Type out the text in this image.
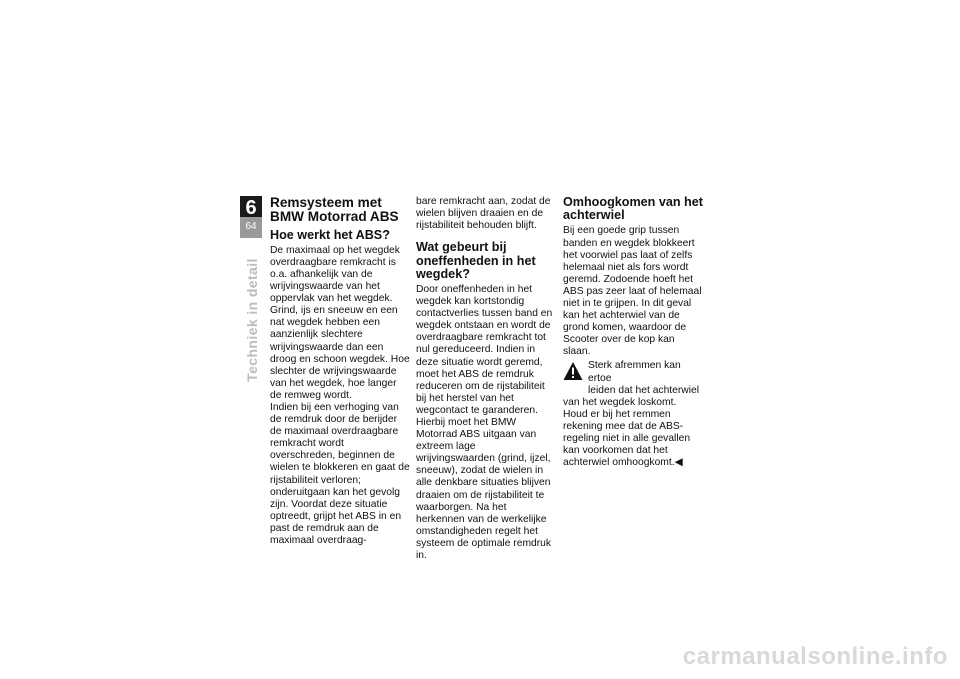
6
64
Techniek in detail
Remsysteem met BMW Motorrad ABS
Hoe werkt het ABS?

De maximaal op het wegdek overdraagbare remkracht is o.a. afhankelijk van de wrijvingswaarde van het oppervlak van het wegdek. Grind, ijs en sneeuw en een nat wegdek hebben een aanzienlijk slechtere wrijvingswaarde dan een droog en schoon wegdek. Hoe slechter de wrijvingswaarde van het wegdek, hoe langer de remweg wordt.

Indien bij een verhoging van de remdruk door de berijder de maximaal overdraagbare remkracht wordt overschreden, beginnen de wielen te blokkeren en gaat de rijstabiliteit verloren; onderuitgaan kan het gevolg zijn. Voordat deze situatie optreedt, grijpt het ABS in en past de remdruk aan de maximaal overdraag-

bare remkracht aan, zodat de wielen blijven draaien en de rijstabiliteit behouden blijft.

Wat gebeurt bij oneffenheden in het wegdek?

Door oneffenheden in het wegdek kan kortstondig contactverlies tussen band en wegdek ontstaan en wordt de overdraagbare remkracht tot nul gereduceerd. Indien in deze situatie wordt geremd, moet het ABS de remdruk reduceren om de rijstabiliteit bij het herstel van het wegcontact te garanderen. Hierbij moet het BMW Motorrad ABS uitgaan van extreem lage wrijvingswaarden (grind, ijzel, sneeuw), zodat de wielen in alle denkbare situaties blijven draaien om de rijstabiliteit te waarborgen. Na het herkennen van de werkelijke omstandigheden regelt het systeem de optimale remdruk in.

Omhoogkomen van het achterwiel

Bij een goede grip tussen banden en wegdek blokkeert het voorwiel pas laat of zelfs helemaal niet als fors wordt geremd. Zodoende hoeft het ABS pas zeer laat of helemaal niet in te grijpen. In dit geval kan het achterwiel van de grond komen, waardoor de Scooter over de kop kan slaan.

Sterk afremmen kan ertoe
leiden dat het achterwiel
van het wegdek loskomt.

Houd er bij het remmen rekening mee dat de ABS-regeling niet in alle gevallen kan voorkomen dat het achterwiel omhoogkomt.◀

carmanualsonline.info
